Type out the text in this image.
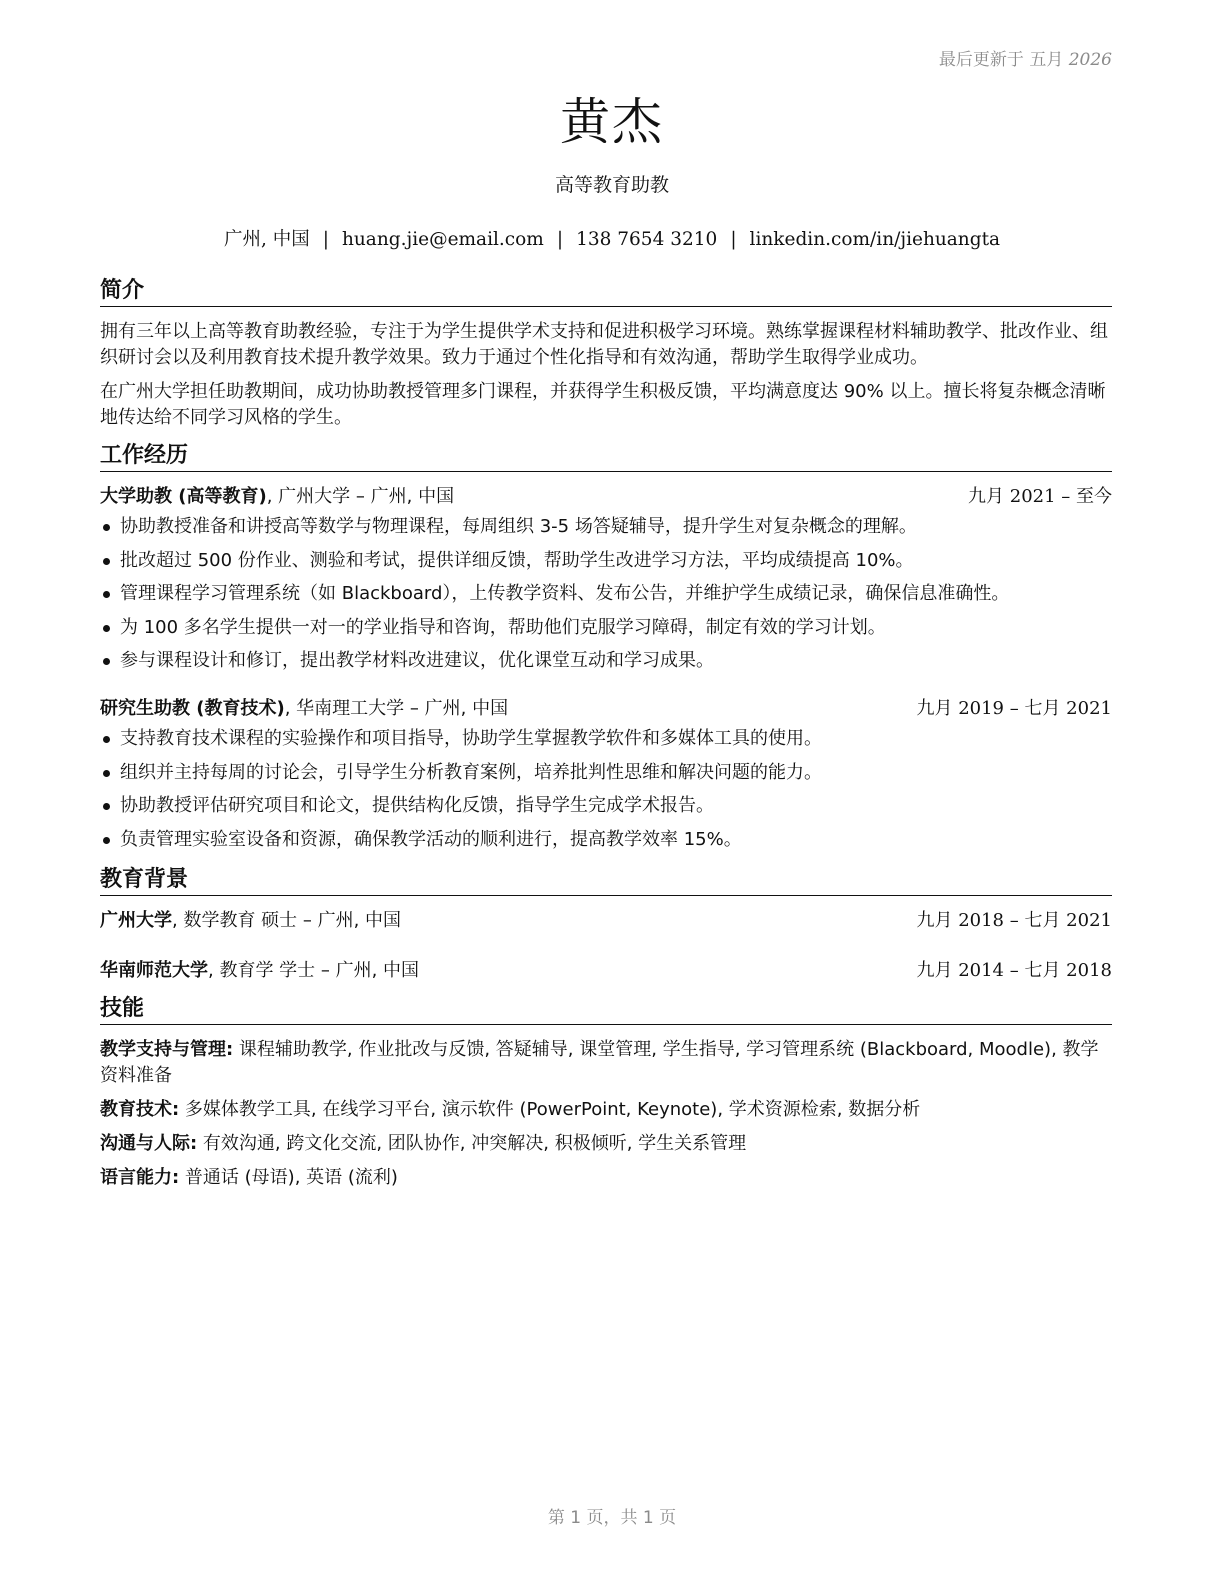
最后更新于 五月 2026
黄杰
高等教育助教
广州, 中国 | huang.jie@email.com | 138 7654 3210 | linkedin.com/in/jiehuangta
简介

拥有三年以上高等教育助教经验，专注于为学生提供学术支持和促进积极学习环境。熟练掌握课程材料辅助教学、批改作业、组织研讨会以及利用教育技术提升教学效果。致力于通过个性化指导和有效沟通，帮助学生取得学业成功。

在广州大学担任助教期间，成功协助教授管理多门课程，并获得学生积极反馈，平均满意度达 90% 以上。擅长将复杂概念清晰地传达给不同学习风格的学生。

工作经历
大学助教 (高等教育), 广州大学 – 广州, 中国	九月 2021 – 至今
协助教授准备和讲授高等数学与物理课程，每周组织 3-5 场答疑辅导，提升学生对复杂概念的理解。
批改超过 500 份作业、测验和考试，提供详细反馈，帮助学生改进学习方法，平均成绩提高 10%。
管理课程学习管理系统（如 Blackboard），上传教学资料、发布公告，并维护学生成绩记录，确保信息准确性。
为 100 多名学生提供一对一的学业指导和咨询，帮助他们克服学习障碍，制定有效的学习计划。
参与课程设计和修订，提出教学材料改进建议，优化课堂互动和学习成果。
研究生助教 (教育技术), 华南理工大学 – 广州, 中国	九月 2019 – 七月 2021
支持教育技术课程的实验操作和项目指导，协助学生掌握教学软件和多媒体工具的使用。
组织并主持每周的讨论会，引导学生分析教育案例，培养批判性思维和解决问题的能力。
协助教授评估研究项目和论文，提供结构化反馈，指导学生完成学术报告。
负责管理实验室设备和资源，确保教学活动的顺利进行，提高教学效率 15%。
教育背景
广州大学, 数学教育 硕士 – 广州, 中国	九月 2018 – 七月 2021
华南师范大学, 教育学 学士 – 广州, 中国	九月 2014 – 七月 2018
技能

教学支持与管理: 课程辅助教学, 作业批改与反馈, 答疑辅导, 课堂管理, 学生指导, 学习管理系统 (Blackboard, Moodle), 教学资料准备

教育技术: 多媒体教学工具, 在线学习平台, 演示软件 (PowerPoint, Keynote), 学术资源检索, 数据分析

沟通与人际: 有效沟通, 跨文化交流, 团队协作, 冲突解决, 积极倾听, 学生关系管理

语言能力: 普通话 (母语), 英语 (流利)

第 1 页，共 1 页
